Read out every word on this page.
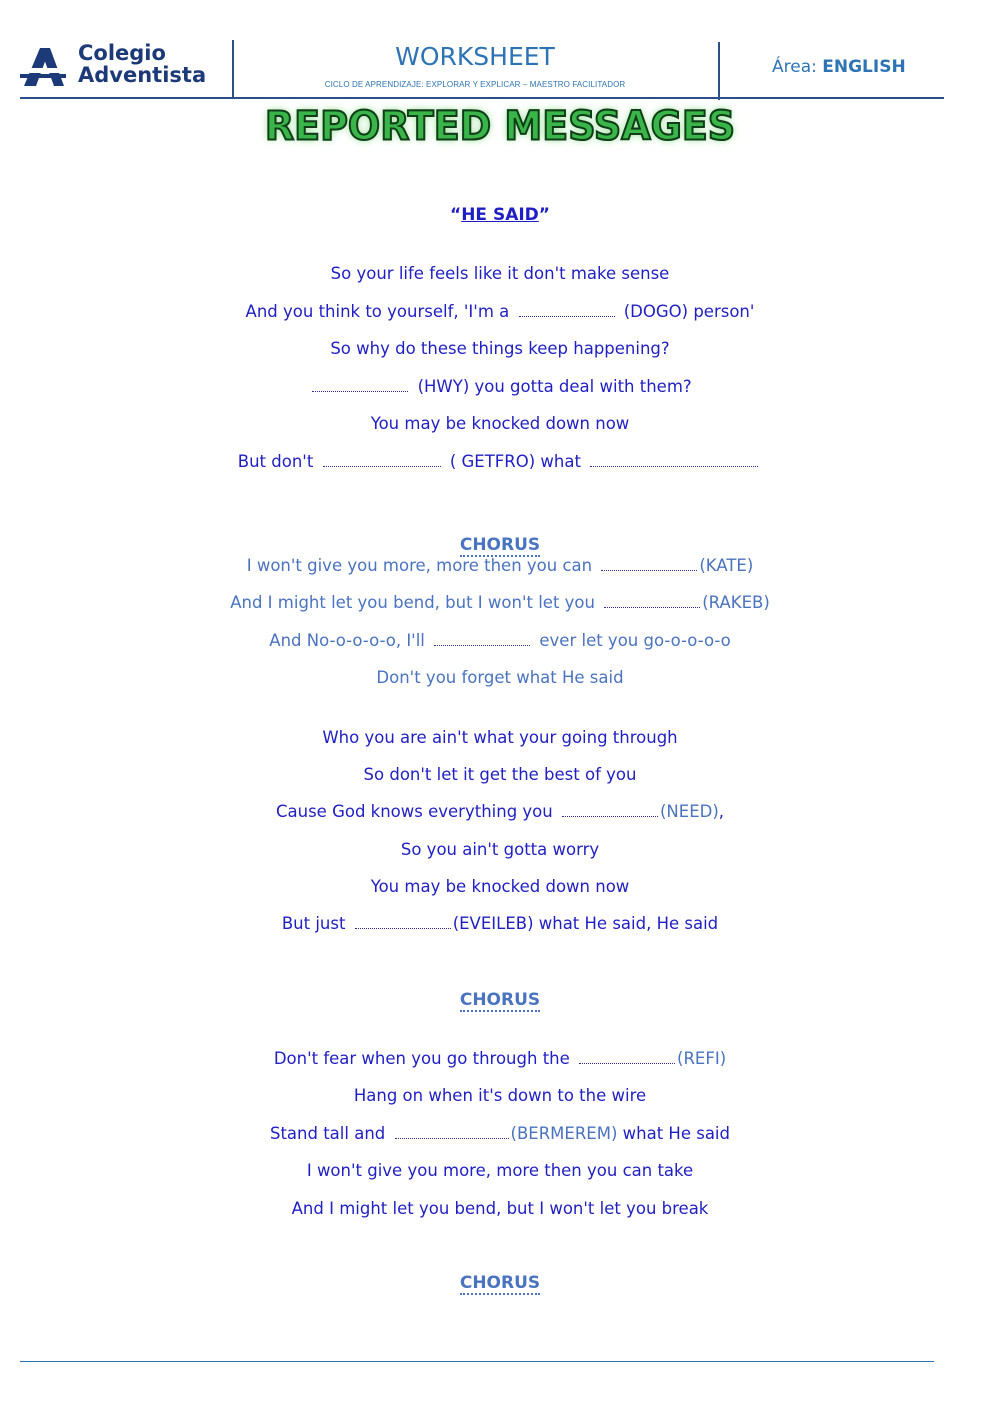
Colegio
Adventista
WORKSHEET
CICLO DE APRENDIZAJE: EXPLORAR Y EXPLICAR – MAESTRO FACILITADOR
Área: ENGLISH
REPORTED MESSAGES
“HE SAID”
So your life feels like it don't make sense
And you think to yourself, 'I'm a	(DOGO) person'
So why do these things keep happening?
(HWY) you gotta deal with them?
You may be knocked down now
But don't	( GETFRO) what
CHORUS
I won't give you more, more then you can	(KATE)
And I might let you bend, but I won't let you	(RAKEB)
And No-o-o-o-o, I'll	ever let you go-o-o-o-o
Don't you forget what He said
Who you are ain't what your going through
So don't let it get the best of you
Cause God knows everything you	(NEED),
So you ain't gotta worry
You may be knocked down now
But just	(EVEILEB) what He said, He said
CHORUS
Don't fear when you go through the	(REFI)
Hang on when it's down to the wire
Stand tall and	(BERMEREM) what He said
I won't give you more, more then you can take
And I might let you bend, but I won't let you break
CHORUS
